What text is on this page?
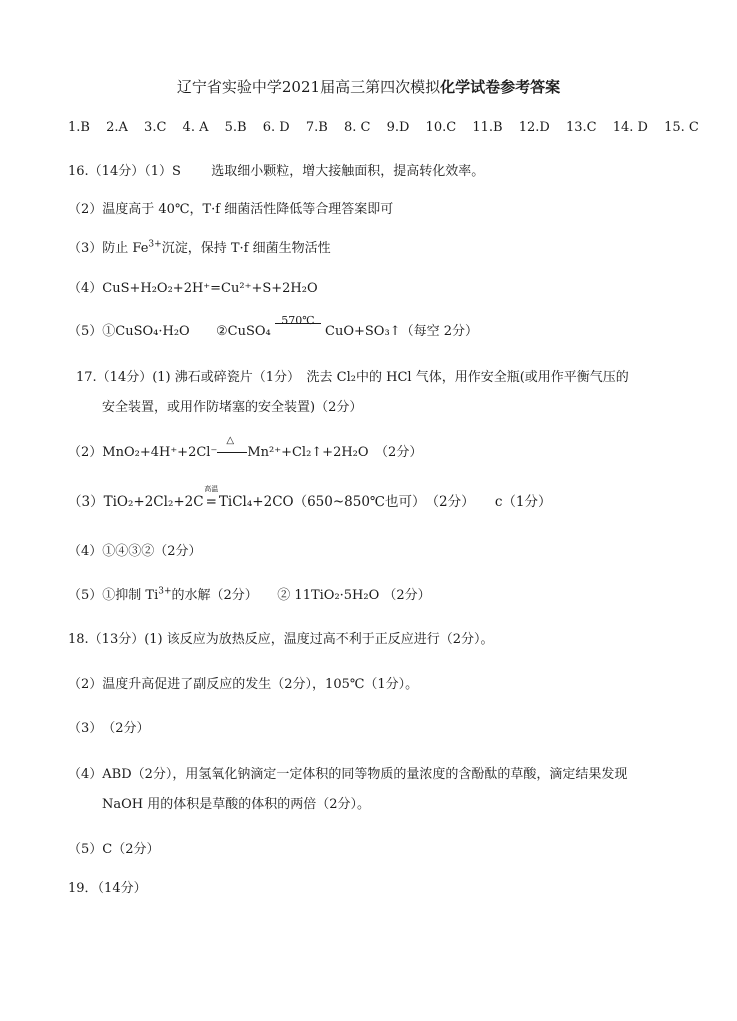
辽宁省实验中学2021届高三第四次模拟化学试卷参考答案
1.B 2.A 3.C 4. A 5.B 6. D 7.B 8. C 9.D 10.C 11.B 12.D 13.C 14. D 15. C
16.（14分）（1）S 选取细小颗粒，增大接触面积，提高转化效率。
（2）温度高于 40℃，T·f 细菌活性降低等合理答案即可
（3）防止 $Fe^{3+}$沉淀，保持 T·f 细菌生物活性
（4）CuS+H₂O₂+2H⁺=Cu²⁺+S+2H₂O
（5）①CuSO₄·H₂O ②CuSO₄
570℃

CuO+SO₃↑（每空 2分）
17.（14分）(1) 沸石或碎瓷片（1分）　洗去 Cl₂中的 HCl 气体，用作安全瓶(或用作平衡气压的
安全装置，或用作防堵塞的安全装置)（2分）
（2）MnO₂+4H⁺+2Cl⁻
△
Mn²⁺+Cl₂↑+2H₂O　（2分）
（3）TiO₂+2Cl₂+2C
高温
= TiCl₄+2CO（650~850℃也可）　（2分）　　c（1分）
（4）①④③②（2分）
（5）①抑制 $Ti^{3+}$的水解（2分）　　② 11TiO₂·5H₂O （2分）
18.（13分）(1) 该反应为放热反应，温度过高不利于正反应进行（2分）。
（2）温度升高促进了副反应的发生（2分），105℃（1分）。
（3）　（2分）
（4）ABD（2分），用氢氧化钠滴定一定体积的同等物质的量浓度的含酚酞的草酸，滴定结果发现
NaOH 用的体积是草酸的体积的两倍（2分）。
（5）C（2分）
19．（14分）
